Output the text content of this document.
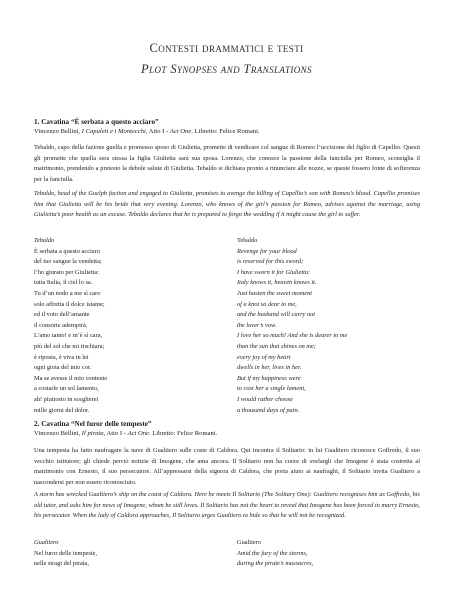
Contesti drammatici e testi
Plot Synopses and Translations
1. Cavatina “È serbata a questo acciaro”
Vincenzo Bellini, I Capuleti e i Montecchi, Atto I - Act One. Libretto: Felice Romani.
Tebaldo, capo della fazione guelfa e promesso sposo di Giulietta, promette di vendicare col sangue di Romeo l’uccisione del figlio di Capellio. Questi gli promette che quella sera stessa la figlia Giulietta sarà sua sposa. Lorenzo, che conosce la passione della fanciulla per Romeo, sconsiglia il matrimonio, prendendo a pretesto la debole salute di Giulietta. Tebaldo si dichiara pronto a rinunciare alle nozze, se queste fossero fonte di sofferenza per la fanciulla.
Tebaldo, head of the Guelph faction and engaged to Giulietta, promises to avenge the killing of Capellio’s son with Romeo’s blood. Capellio promises him that Giulietta will be his bride that very evening. Lorenzo, who knows of the girl’s passion for Romeo, advises against the marriage, using Giulietta’s poor health as an excuse. Tebaldo declares that he is prepared to forgo the wedding if it might cause the girl to suffer.
Tebaldo
È serbata a questo acciaro
del tuo sangue la vendetta;
l’ho giurato per Giulietta:
tutta Italia, il ciel lo sa.
Tu d’un nodo a me sì caro
solo affretta il dolce istante;
ed il voto dell’amante
il consorte adempirà.
L’amo tanto! e m’è sì cara,
più del sol che mi rischiara;
è riposta, è viva in lei
ogni gioia del mio cor.
Ma se avesse il mio contento
a costarle un sol lamento,
ah! piuttosto in sceglierei
mille giorni del dolor.
Tebaldo
Revenge for your blood
is reserved for this sword;
I have sworn it for Giulietta:
Italy knows it, heaven knows it.
Just hasten the sweet moment
of a knot so dear to me,
and the husband will carry out
the lover’s vow.
I love her so much! And she is dearer to me
than the sun that shines on me;
every joy of my heart
dwells in her, lives in her.
But if my happiness were
to cost her a single lament,
I would rather choose
a thousand days of pain.
2. Cavatina “Nel furor delle tempeste”
Vincenzo Bellini, Il pirata, Atto I - Act One. Libretto: Felice Romani.
Una tempesta ha fatto naufragare la nave di Gualtiero sulle coste di Caldora. Qui incontra il Solitario: in lui Gualtiero riconosce Goffredo, il suo vecchio istitutore; gli chiede perciò notizie di Imogene, che ama ancora. Il Solitario non ha cuore di svelargli che Imogene è stata costretta al matrimonio con Ernesto, il suo persecutore. All’appressarsi della signora di Caldora, che porta aiuto ai naufraghi, il Solitario invita Gualtiero a nascondersi per non essere riconosciuto.
A storm has wrecked Gualtiero’s ship on the coast of Caldora. Here he meets Il Solitario (The Solitary One): Gualtiero recognises him as Goffredo, his old tutor, and asks him for news of Imogene, whom he still loves. Il Solitario has not the heart to reveal that Imogene has been forced to marry Ernesto, his persecutor. When the lady of Caldora approaches, Il Solitario urges Gualtiero to hide so that he will not be recognized.
Gualtiero
Nel furor delle tempeste,
nelle stragi del pirata,
Gualtiero
Amid the fury of the storms,
during the pirate’s massacres,
